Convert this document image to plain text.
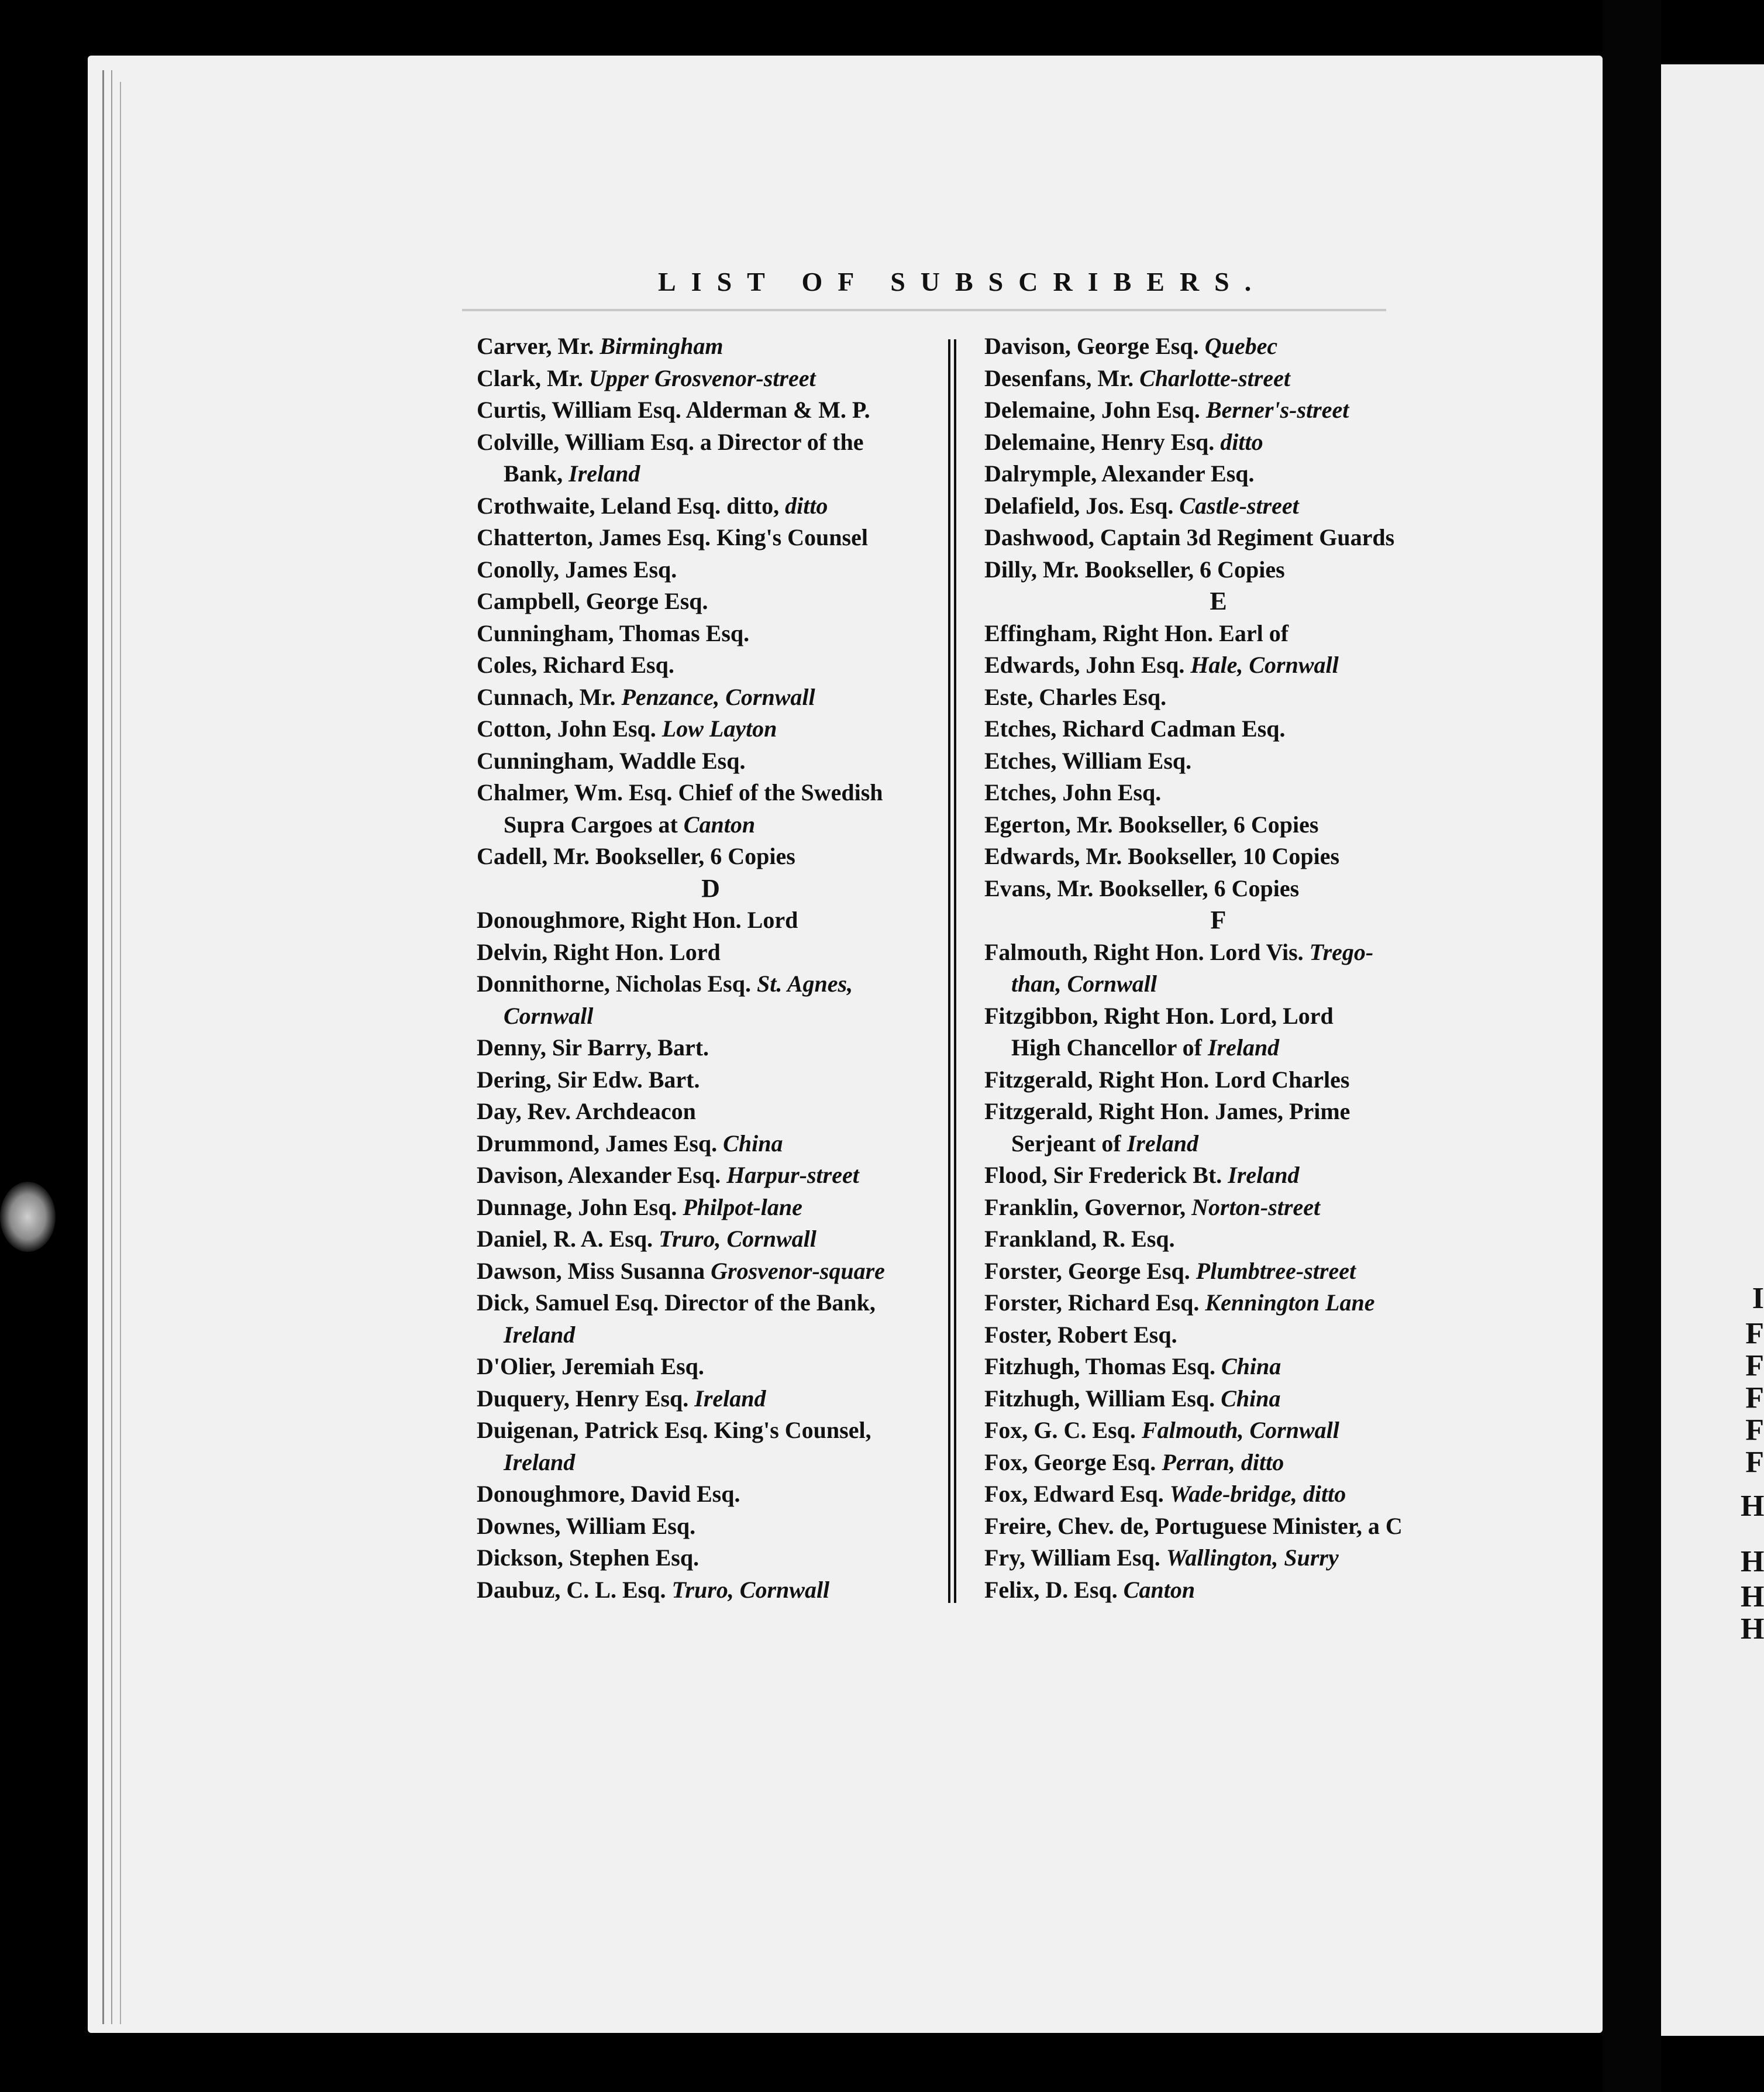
I
F
F
F
F
F
H
H
H
H
LIST OF SUBSCRIBERS.
Carver, Mr. Birmingham
Clark, Mr. Upper Grosvenor-street
Curtis, William Esq. Alderman & M. P.
Colville, William Esq. a Director of the
Bank, Ireland
Crothwaite, Leland Esq. ditto, ditto
Chatterton, James Esq. King's Counsel
Conolly, James Esq.
Campbell, George Esq.
Cunningham, Thomas Esq.
Coles, Richard Esq.
Cunnach, Mr. Penzance, Cornwall
Cotton, John Esq. Low Layton
Cunningham, Waddle Esq.
Chalmer, Wm. Esq. Chief of the Swedish
Supra Cargoes at Canton
Cadell, Mr. Bookseller, 6 Copies
D
Donoughmore, Right Hon. Lord
Delvin, Right Hon. Lord
Donnithorne, Nicholas Esq. St. Agnes,
Cornwall
Denny, Sir Barry, Bart.
Dering, Sir Edw. Bart.
Day, Rev. Archdeacon
Drummond, James Esq. China
Davison, Alexander Esq. Harpur-street
Dunnage, John Esq. Philpot-lane
Daniel, R. A. Esq. Truro, Cornwall
Dawson, Miss Susanna Grosvenor-square
Dick, Samuel Esq. Director of the Bank,
Ireland
D'Olier, Jeremiah Esq.
Duquery, Henry Esq. Ireland
Duigenan, Patrick Esq. King's Counsel,
Ireland
Donoughmore, David Esq.
Downes, William Esq.
Dickson, Stephen Esq.
Daubuz, C. L. Esq. Truro, Cornwall
Davison, George Esq. Quebec
Desenfans, Mr. Charlotte-street
Delemaine, John Esq. Berner's-street
Delemaine, Henry Esq. ditto
Dalrymple, Alexander Esq.
Delafield, Jos. Esq. Castle-street
Dashwood, Captain 3d Regiment Guards
Dilly, Mr. Bookseller, 6 Copies
E
Effingham, Right Hon. Earl of
Edwards, John Esq. Hale, Cornwall
Este, Charles Esq.
Etches, Richard Cadman Esq.
Etches, William Esq.
Etches, John Esq.
Egerton, Mr. Bookseller, 6 Copies
Edwards, Mr. Bookseller, 10 Copies
Evans, Mr. Bookseller, 6 Copies
F
Falmouth, Right Hon. Lord Vis. Trego-
than, Cornwall
Fitzgibbon, Right Hon. Lord, Lord
High Chancellor of Ireland
Fitzgerald, Right Hon. Lord Charles
Fitzgerald, Right Hon. James, Prime
Serjeant of Ireland
Flood, Sir Frederick Bt. Ireland
Franklin, Governor, Norton-street
Frankland, R. Esq.
Forster, George Esq. Plumbtree-street
Forster, Richard Esq. Kennington Lane
Foster, Robert Esq.
Fitzhugh, Thomas Esq. China
Fitzhugh, William Esq. China
Fox, G. C. Esq. Falmouth, Cornwall
Fox, George Esq. Perran, ditto
Fox, Edward Esq. Wade-bridge, ditto
Freire, Chev. de, Portuguese Minister, a C
Fry, William Esq. Wallington, Surry
Felix, D. Esq. Canton
